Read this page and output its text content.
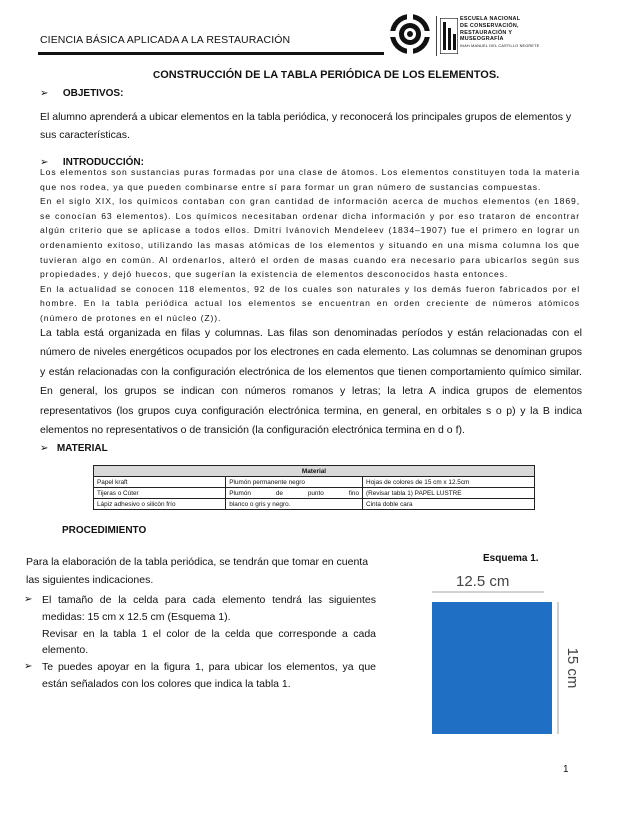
CIENCIA BÁSICA APLICADA A LA RESTAURACIÓN
ESCUELA NACIONAL
DE CONSERVACIÓN,
RESTAURACIÓN Y
MUSEOGRAFÍA
INAH MANUEL DEL CASTILLO NEGRETE
CONSTRUCCIÓN DE LA TABLA PERIÓDICA DE LOS ELEMENTOS.
➢ OBJETIVOS:
El alumno aprenderá a ubicar elementos en la tabla periódica, y reconocerá los principales grupos de elementos y sus características.
➢ INTRODUCCIÓN:

Los elementos son sustancias puras formadas por una clase de átomos. Los elementos constituyen toda la materia que nos rodea, ya que pueden combinarse entre sí para formar un gran número de sustancias compuestas.

En el siglo XIX, los químicos contaban con gran cantidad de información acerca de muchos elementos (en 1869, se conocían 63 elementos). Los químicos necesitaban ordenar dicha información y por eso trataron de encontrar algún criterio que se aplicase a todos ellos. Dmitri Ivánovich Mendeleev (1834–1907) fue el primero en lograr un ordenamiento exitoso, utilizando las masas atómicas de los elementos y situando en una misma columna los que tuvieran algo en común. Al ordenarlos, alteró el orden de masas cuando era necesario para ubicarlos según sus propiedades, y dejó huecos, que sugerían la existencia de elementos desconocidos hasta entonces.

En la actualidad se conocen 118 elementos, 92 de los cuales son naturales y los demás fueron fabricados por el hombre. En la tabla periódica actual los elementos se encuentran en orden creciente de números atómicos (número de protones en el núcleo (Z)).

La tabla está organizada en filas y columnas. Las filas son denominadas períodos y están relacionadas con el número de niveles energéticos ocupados por los electrones en cada elemento. Las columnas se denominan grupos y están relacionadas con la configuración electrónica de los elementos que tienen comportamiento químico similar. En general, los grupos se indican con números romanos y letras; la letra A indica grupos de elementos representativos (los grupos cuya configuración electrónica termina, en general, en orbitales s o p) y la B indica elementos no representativos o de transición (la configuración electrónica termina en d o f).
➢ MATERIAL
Material		
Papel kraft	Plumón permanente negro	Hojas de colores de 15 cm x 12.5cm
Tijeras o Cúter	Plumón de punto fino	(Revisar tabla 1) PAPEL LUSTRE
Lápiz adhesivo o silicón frío	blanco o gris y negro.	Cinta doble cara
PROCEDIMIENTO
Para la elaboración de la tabla periódica, se tendrán que tomar en cuenta las siguientes indicaciones.
➢ El tamaño de la celda para cada elemento tendrá las siguientes medidas: 15 cm x 12.5 cm (Esquema 1).
Revisar en la tabla 1 el color de la celda que corresponde a cada elemento.
➢ Te puedes apoyar en la figura 1, para ubicar los elementos, ya que están señalados con los colores que indica la tabla 1.
Esquema 1.
12.5 cm
15 cm
1
